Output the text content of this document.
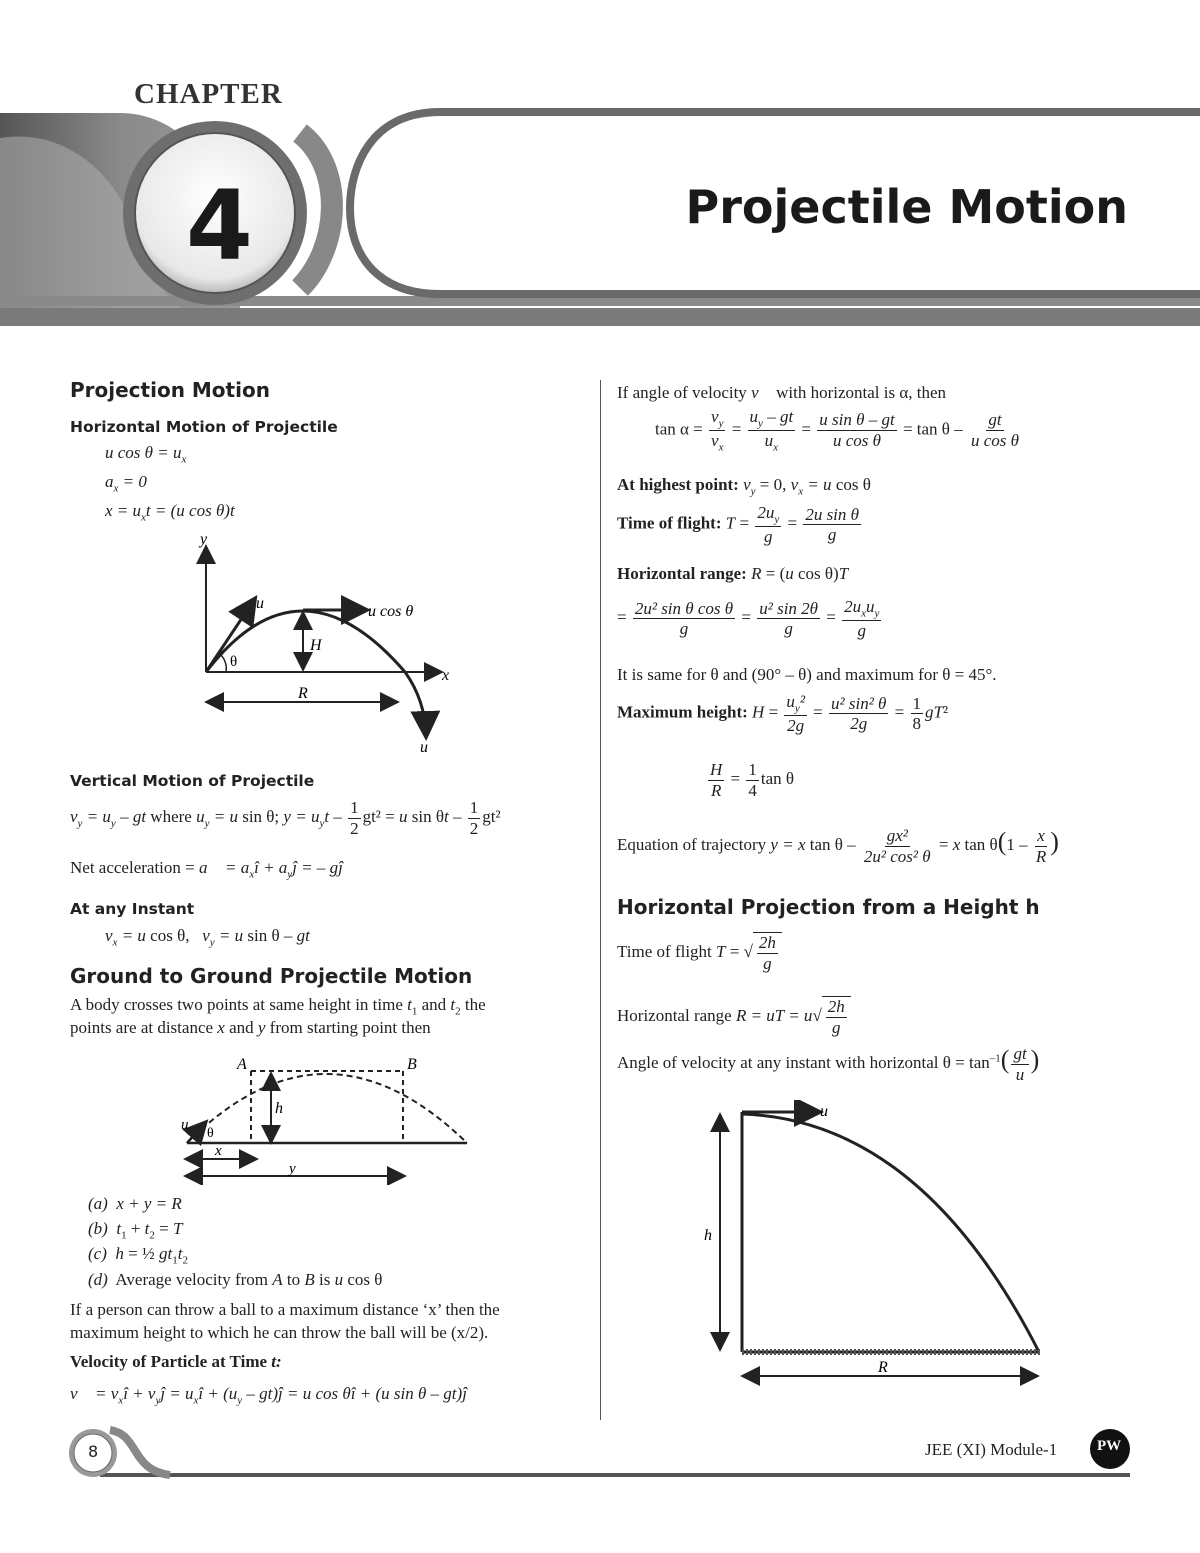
CHAPTER
4	Projectile Motion
Projection Motion
Horizontal Motion of Projectile
u $\cos \theta = u_x$
$a_x = 0$
$x = u_xt = (u$ cos θ)t
y
u	u cos θ
H
θ
x
R
u
Vertical Motion of Projectile
$v_y = u_y$ – gt where $u_y = u$ sin θ; $y = u_yt - \frac{1}{2} gt^2 = u$ sin θt – $\frac{1}{2} gt^2$
Net acceleration = a⃗ = $a_xî$ + $a_yĵ$ = – gĵ
At any Instant
$v_x = u$ cos θ,   $v_y = u$ sin θ – gt
Ground to Ground Projectile Motion
A body crosses two points at same height in time $t_1$ and $t_2$ the
points are at distance x and y from starting point then
A	B
h
u
θ
x
y
(a) x + y = R
(b) $t_1 + t_2 = T$
(c) h = ½ $gt_1t_2$
(d) Average velocity from A to B is u cos θ
If a person can throw a ball to a maximum distance ‘x’ then the
maximum height to which he can throw the ball will be (x/2).
Velocity of Particle at Time t:
v⃗ = $v_xî$ + $v_yĵ$ = $u_xî + (u_y$ – gt)ĵ = u cos θî + (u sin θ – gt)ĵ
If angle of velocity v⃗ with horizontal is α, then
$\tan \alpha = \frac{v_y}{v_x} = \frac{u_y - gt}{u_x} = \frac{\text{u sin θ – gt}}{\text{u cos θ}} = \tan \theta - \frac{gt}{\text{u cos θ}}$
At highest point: $v_y = 0$, $v_x = u$ cos θ
Time of flight: $T = \frac{2u_y}{g} = \frac{\text{2u sin θ}}{g}$
Horizontal range: R = (u cos θ)T
= $\frac{\text{2u² sin θ cos θ}}{g} = \frac{\text{u² sin 2θ}}{g} = \frac{2u_xu_y}{g}$
It is same for θ and (90° – θ) and maximum for θ = 45°.
Maximum height: $H = \frac{u_y^2}{2g} = \frac{\text{u² sin² θ}}{2g} = \frac{1}{8} gT^2$
$\frac{H}{R} = \frac{1}{4}$ tan θ
Equation of trajectory y = x $\tan \theta - \frac{\text{gx²}}{\text{2u² cos² θ}} = x$ $\tan \theta(1 - \frac{x}{R}$ )
Horizontal Projection from a Height h
Time of flight T = √ $\frac{2h}{g}$
Horizontal range R = uT = $u√ \frac{2h}{g}$
Angle of velocity at any instant with horizontal $\theta = \tan^{-1}( \frac{gt}{u}$ )
u
h
R
8	JEE (XI) Module-1	PW
